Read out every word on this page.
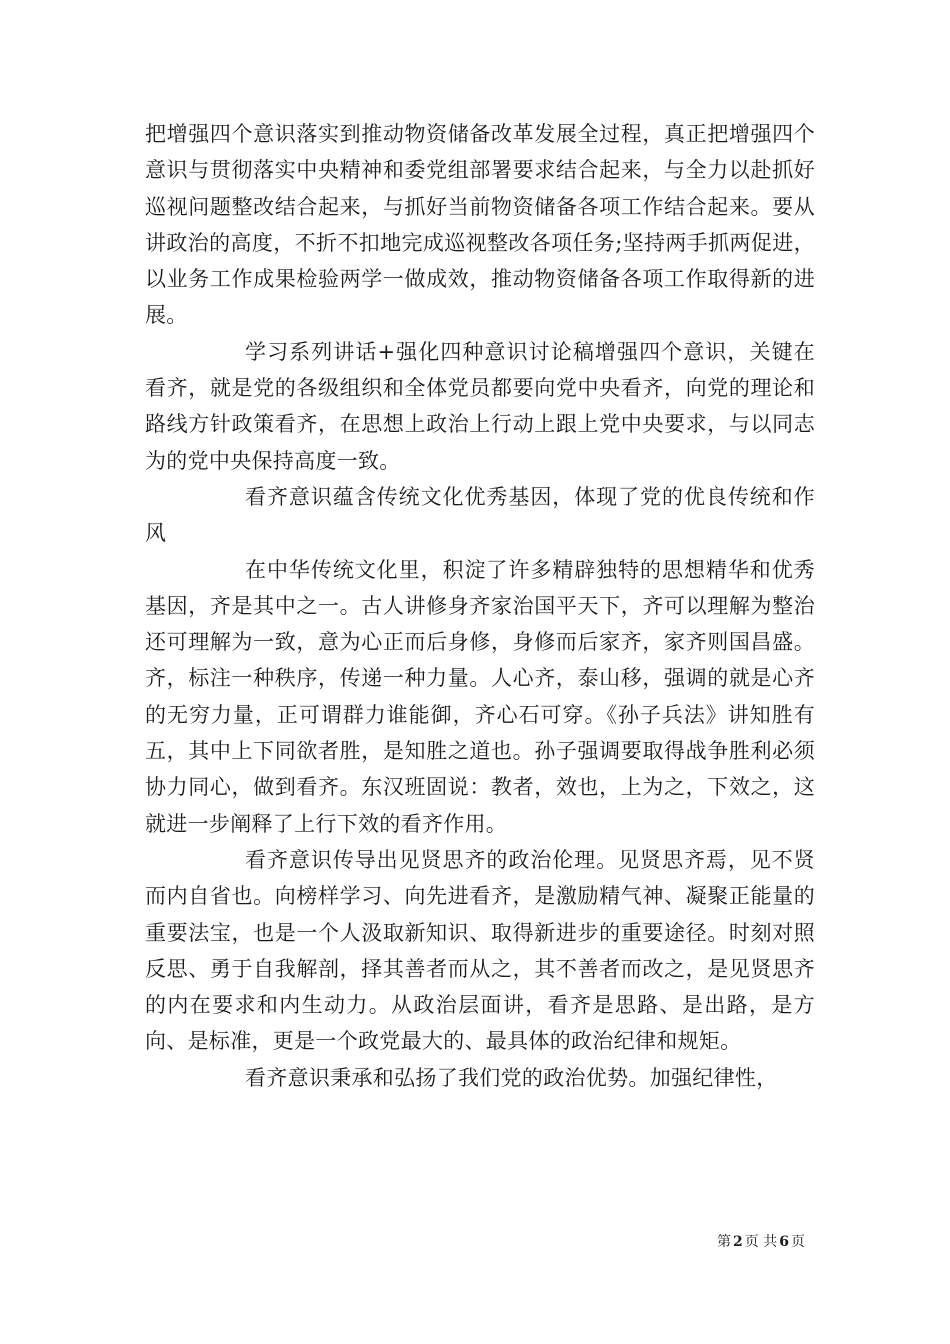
把增强四个意识落实到推动物资储备改革发展全过程，真正把增强四个意识与贯彻落实中央精神和委党组部署要求结合起来，与全力以赴抓好巡视问题整改结合起来，与抓好当前物资储备各项工作结合起来。要从讲政治的高度，不折不扣地完成巡视整改各项任务;坚持两手抓两促进，以业务工作成果检验两学一做成效，推动物资储备各项工作取得新的进展。

学习系列讲话+强化四种意识讨论稿增强四个意识，关键在看齐，就是党的各级组织和全体党员都要向党中央看齐，向党的理论和路线方针政策看齐，在思想上政治上行动上跟上党中央要求，与以同志为的党中央保持高度一致。

看齐意识蕴含传统文化优秀基因，体现了党的优良传统和作风

在中华传统文化里，积淀了许多精辟独特的思想精华和优秀基因，齐是其中之一。古人讲修身齐家治国平天下，齐可以理解为整治还可理解为一致，意为心正而后身修，身修而后家齐，家齐则国昌盛。齐，标注一种秩序，传递一种力量。人心齐，泰山移，强调的就是心齐的无穷力量，正可谓群力谁能御，齐心石可穿。《孙子兵法》讲知胜有五，其中上下同欲者胜，是知胜之道也。孙子强调要取得战争胜利必须协力同心，做到看齐。东汉班固说：教者，效也，上为之，下效之，这就进一步阐释了上行下效的看齐作用。

看齐意识传导出见贤思齐的政治伦理。见贤思齐焉，见不贤而内自省也。向榜样学习、向先进看齐，是激励精气神、凝聚正能量的重要法宝，也是一个人汲取新知识、取得新进步的重要途径。时刻对照反思、勇于自我解剖，择其善者而从之，其不善者而改之，是见贤思齐的内在要求和内生动力。从政治层面讲，看齐是思路、是出路，是方向、是标准，更是一个政党最大的、最具体的政治纪律和规矩。

看齐意识秉承和弘扬了我们党的政治优势。加强纪律性，

第 2 页 共 6 页
